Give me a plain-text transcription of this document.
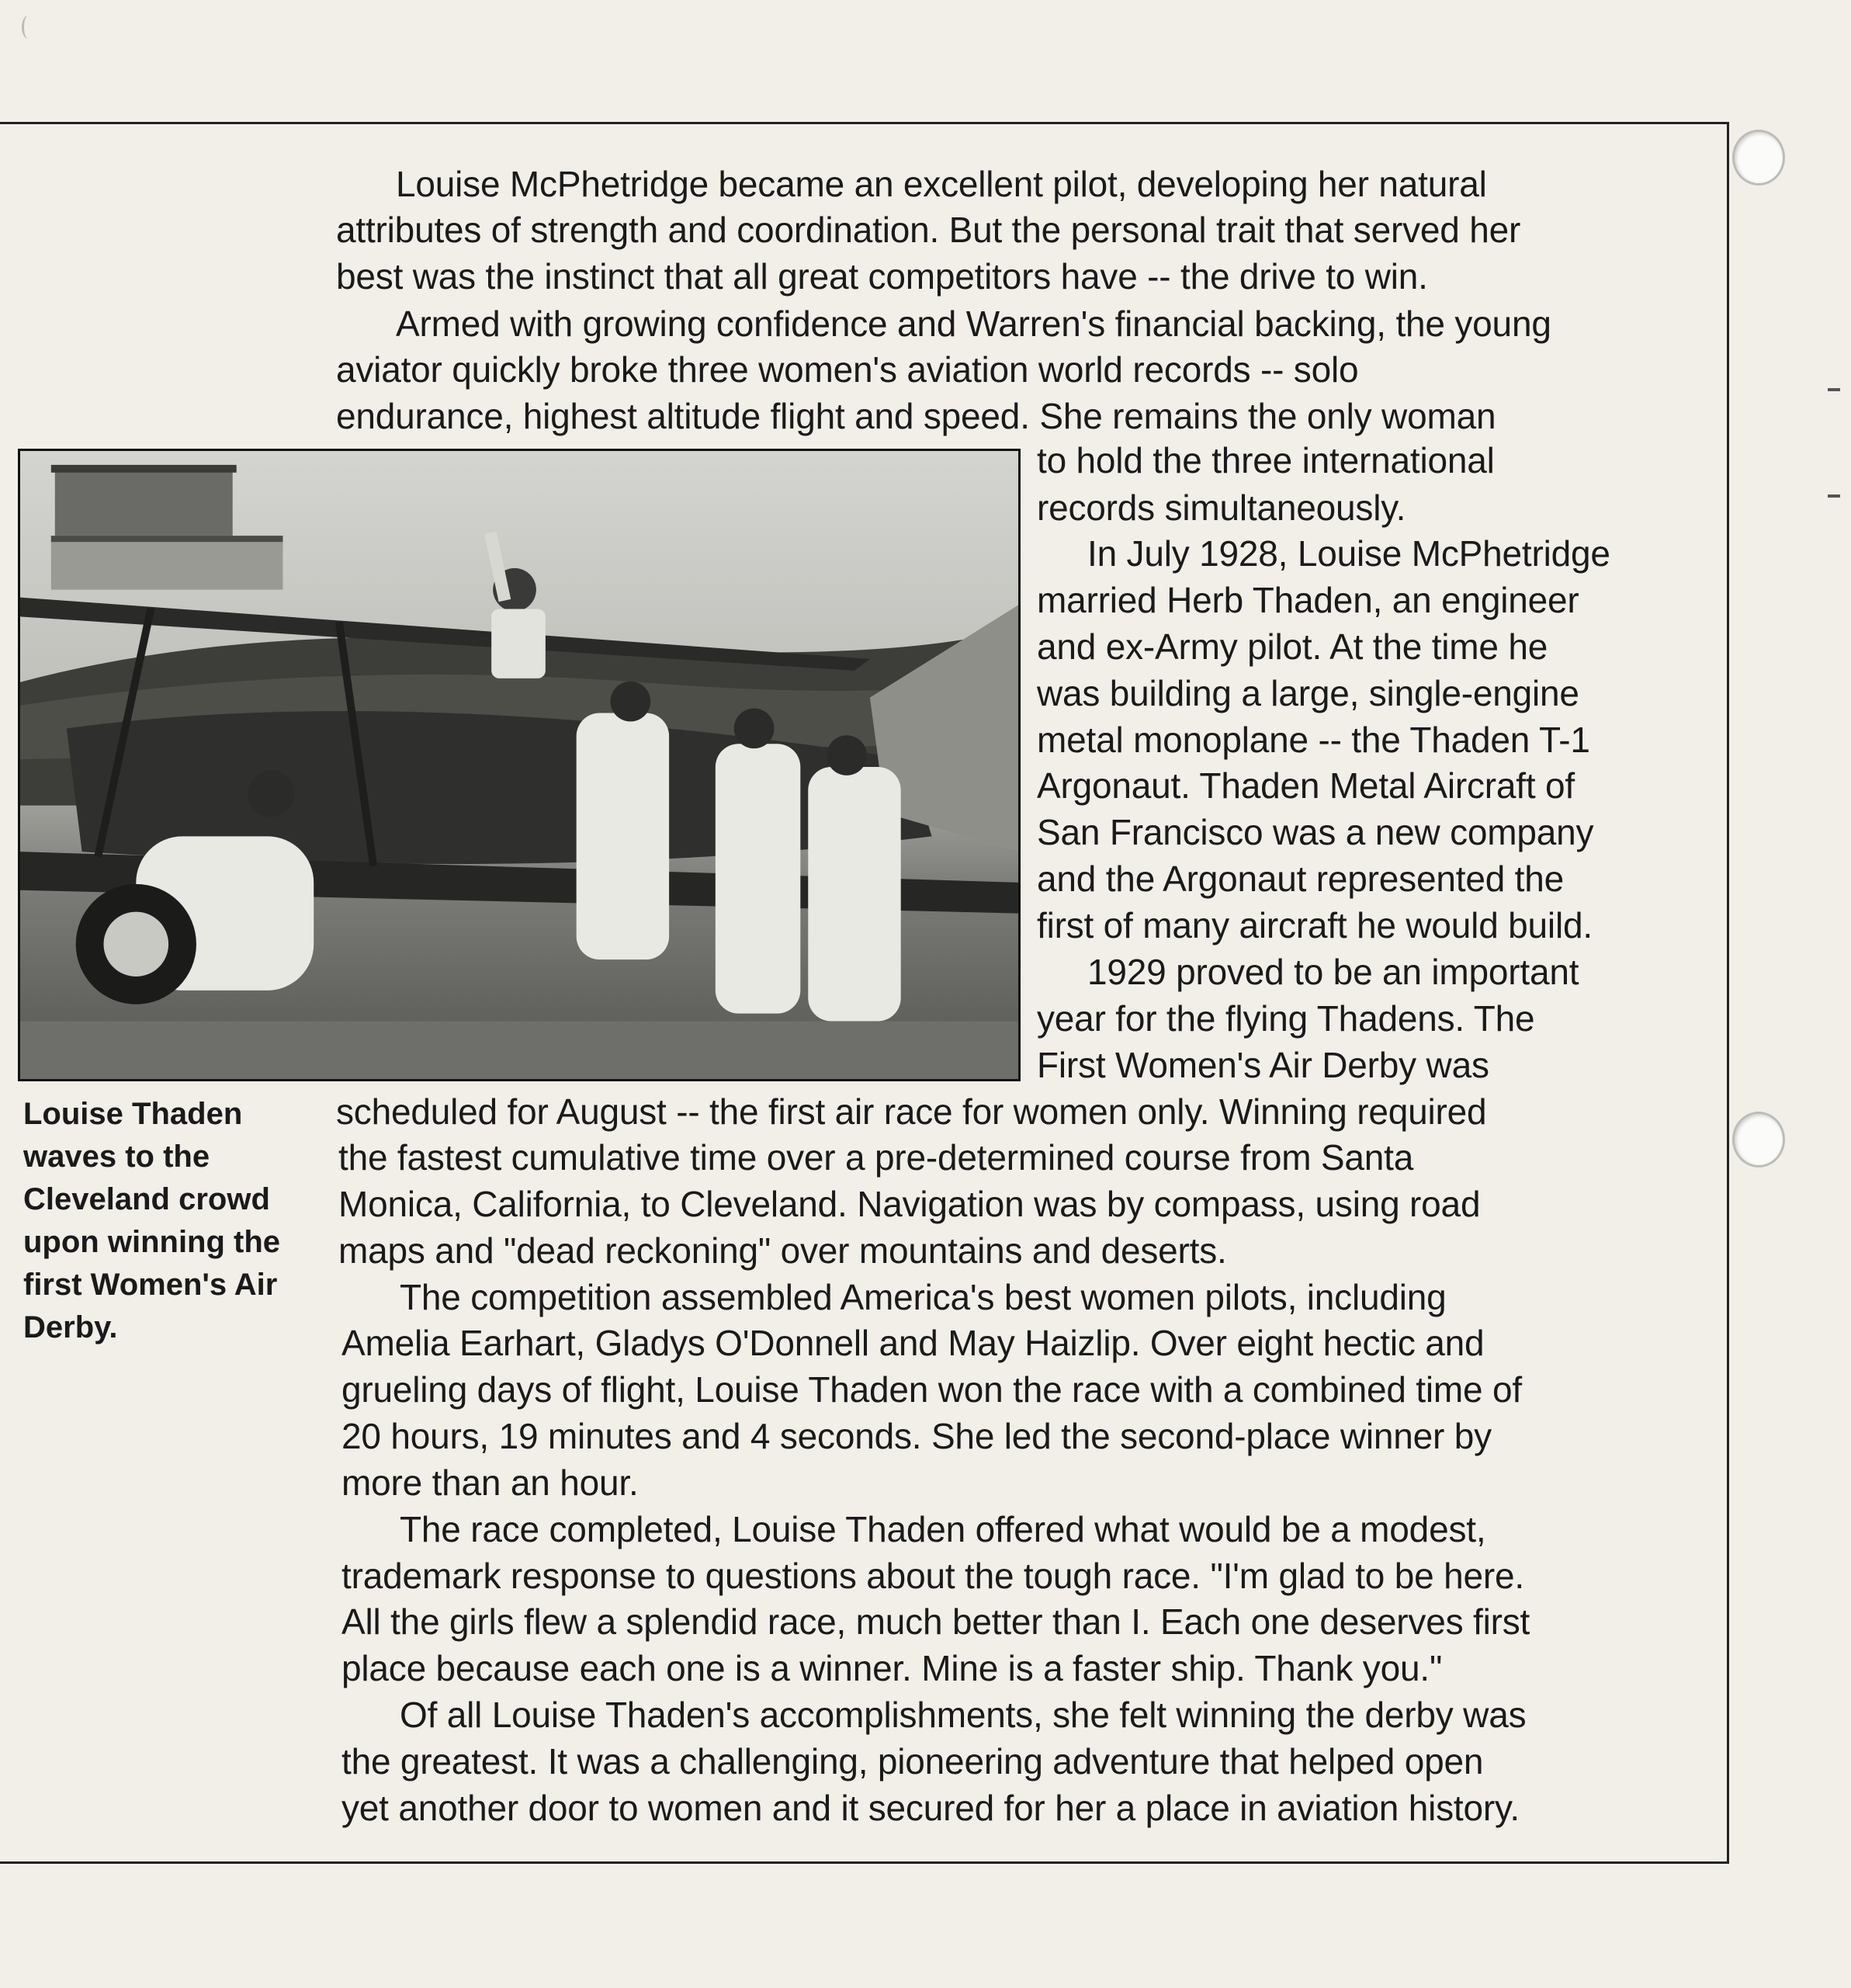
Louise McPhetridge became an excellent pilot, developing her natural
attributes of strength and coordination. But the personal trait that served her
best was the instinct that all great competitors have -- the drive to win.
Armed with growing confidence and Warren's financial backing, the young
aviator quickly broke three women's aviation world records -- solo
endurance, highest altitude flight and speed. She remains the only woman
to hold the three international
records simultaneously.
In July 1928, Louise McPhetridge
married Herb Thaden, an engineer
and ex-Army pilot. At the time he
was building a large, single-engine
metal monoplane -- the Thaden T-1
Argonaut. Thaden Metal Aircraft of
San Francisco was a new company
and the Argonaut represented the
first of many aircraft he would build.
1929 proved to be an important
year for the flying Thadens. The
First Women's Air Derby was
scheduled for August -- the first air race for women only. Winning required
the fastest cumulative time over a pre-determined course from Santa
Monica, California, to Cleveland. Navigation was by compass, using road
maps and "dead reckoning" over mountains and deserts.
The competition assembled America's best women pilots, including
Amelia Earhart, Gladys O'Donnell and May Haizlip. Over eight hectic and
grueling days of flight, Louise Thaden won the race with a combined time of
20 hours, 19 minutes and 4 seconds. She led the second-place winner by
more than an hour.
The race completed, Louise Thaden offered what would be a modest,
trademark response to questions about the tough race. "I'm glad to be here.
All the girls flew a splendid race, much better than I. Each one deserves first
place because each one is a winner. Mine is a faster ship. Thank you."
Of all Louise Thaden's accomplishments, she felt winning the derby was
the greatest. It was a challenging, pioneering adventure that helped open
yet another door to women and it secured for her a place in aviation history.
Louise Thaden
waves to the
Cleveland crowd
upon winning the
first Women's Air
Derby.
